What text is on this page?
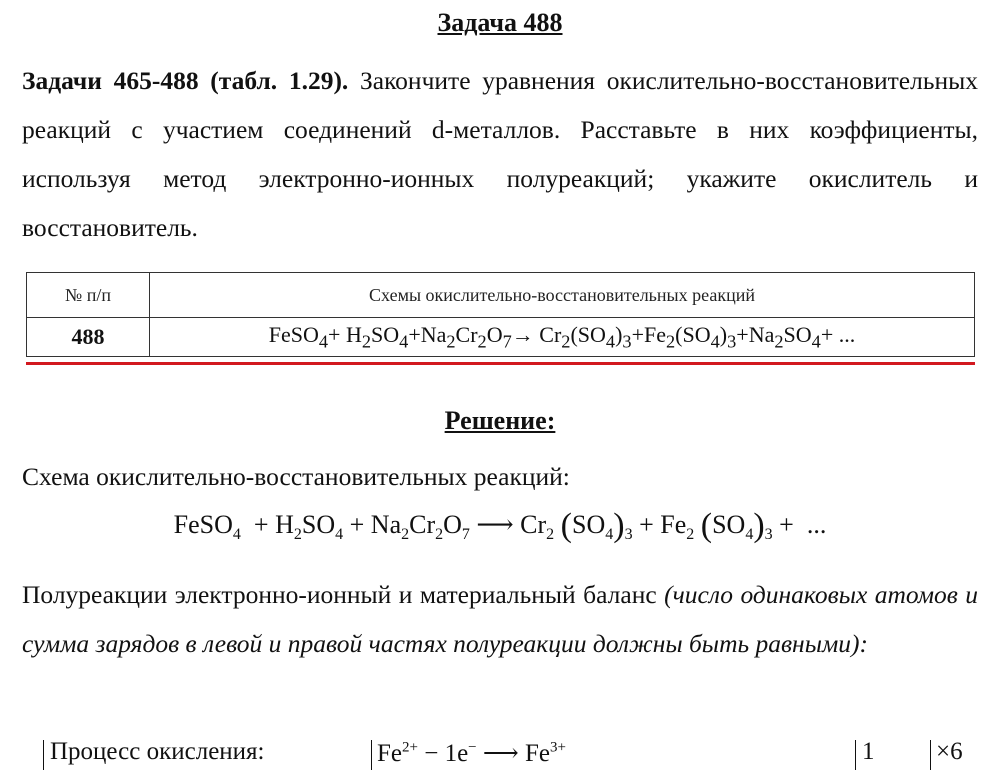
Задача 488
Задачи 465-488 (табл. 1.29). Закончите уравнения окислительно-восстановительных реакций с участием соединений d-металлов. Расставьте в них коэффициенты, используя метод электронно-ионных полуреакций; укажите окислитель и восстановитель.
№ п/п	Схемы окислительно-восстановительных реакций
488	FeSO$_4$+ $H_2SO_4+Na_2Cr_2O_7\to Cr_2(SO_4)_3+Fe_2(SO_4)_3+Na_2SO_4+$ ...
Решение:
Схема окислительно-восстановительных реакций:
FeSO$_4$  + $H_2SO_4 + Na_2Cr_2O_7$ ⟶ $Cr_2$ $(SO_4)_3 + Fe_2$ $(SO_4)_3$ +  ...
Полуреакции электронно-ионный и материальный баланс (число одинаковых атомов и сумма зарядов в левой и правой частях полуреакции должны быть равными):
Процесс окисления:	$Fe^{2+} - 1e^-$ ⟶ $Fe^{3+}$	1 ×6
